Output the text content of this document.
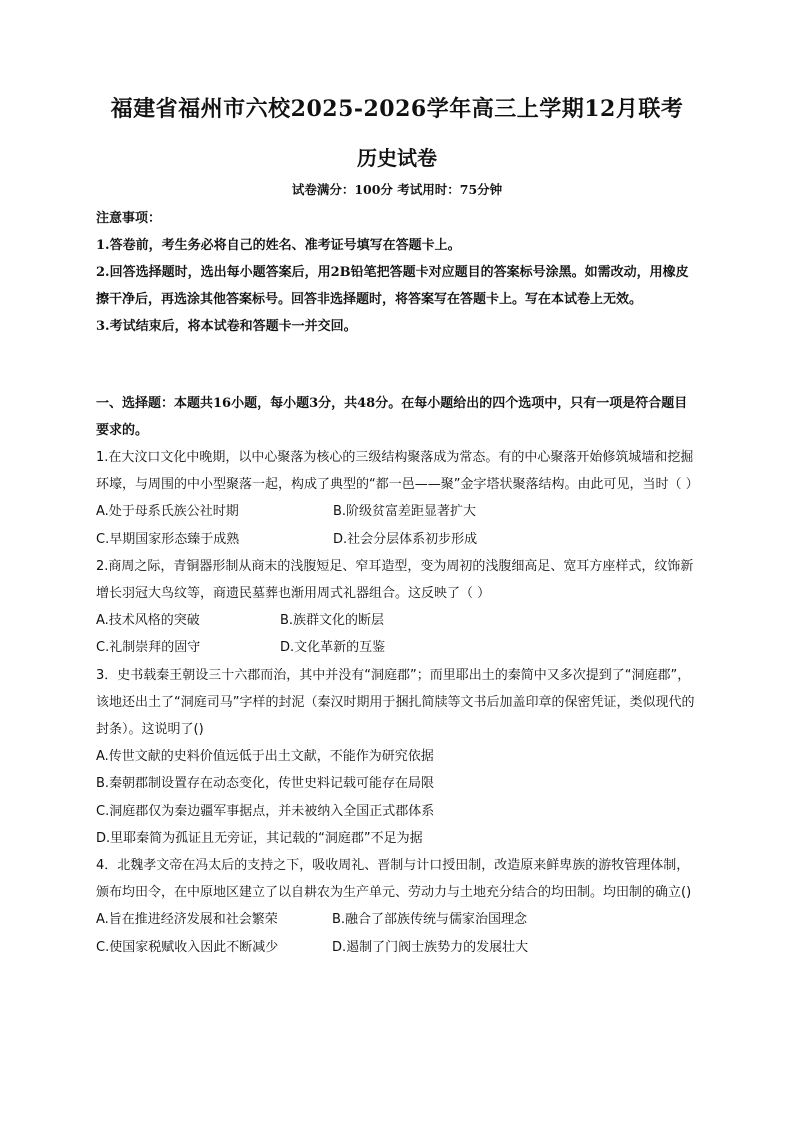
福建省福州市六校2025-2026学年高三上学期12月联考
历史试卷
试卷满分：100分 考试用时：75分钟

注意事项：

1.答卷前，考生务必将自己的姓名、准考证号填写在答题卡上。

2.回答选择题时，选出每小题答案后，用2B铅笔把答题卡对应题目的答案标号涂黑。如需改动，用橡皮擦干净后，再选涂其他答案标号。回答非选择题时，将答案写在答题卡上。写在本试卷上无效。

3.考试结束后，将本试卷和答题卡一并交回。

一、选择题：本题共16小题，每小题3分，共48分。在每小题给出的四个选项中，只有一项是符合题目要求的。

1.在大汶口文化中晚期，以中心聚落为核心的三级结构聚落成为常态。有的中心聚落开始修筑城墙和挖掘环壕，与周围的中小型聚落一起，构成了典型的“都一邑——聚”金字塔状聚落结构。由此可见，当时（ ）

A.处于母系氏族公社时期	B.阶级贫富差距显著扩大
C.早期国家形态臻于成熟	D.社会分层体系初步形成

2.商周之际，青铜器形制从商末的浅腹短足、窄耳造型，变为周初的浅腹细高足、宽耳方座样式，纹饰新增长羽冠大鸟纹等，商遗民墓葬也渐用周式礼器组合。这反映了（ ）

A.技术风格的突破	B.族群文化的断层
C.礼制崇拜的固守	D.文化革新的互鉴

3．史书载秦王朝设三十六郡而治，其中并没有“洞庭郡”；而里耶出土的秦简中又多次提到了“洞庭郡”，该地还出土了“洞庭司马”字样的封泥（秦汉时期用于捆扎简牍等文书后加盖印章的保密凭证，类似现代的封条）。这说明了()

A.传世文献的史料价值远低于出土文献，不能作为研究依据

B.秦朝郡制设置存在动态变化，传世史料记载可能存在局限

C.洞庭郡仅为秦边疆军事据点，并未被纳入全国正式郡体系

D.里耶秦简为孤证且无旁证，其记载的“洞庭郡”不足为据

4．北魏孝文帝在冯太后的支持之下，吸收周礼、晋制与计口授田制，改造原来鲜卑族的游牧管理体制，颁布均田令，在中原地区建立了以自耕农为生产单元、劳动力与土地充分结合的均田制。均田制的确立()

A.旨在推进经济发展和社会繁荣	B.融合了部族传统与儒家治国理念
C.使国家税赋收入因此不断减少	D.遏制了门阀士族势力的发展壮大
